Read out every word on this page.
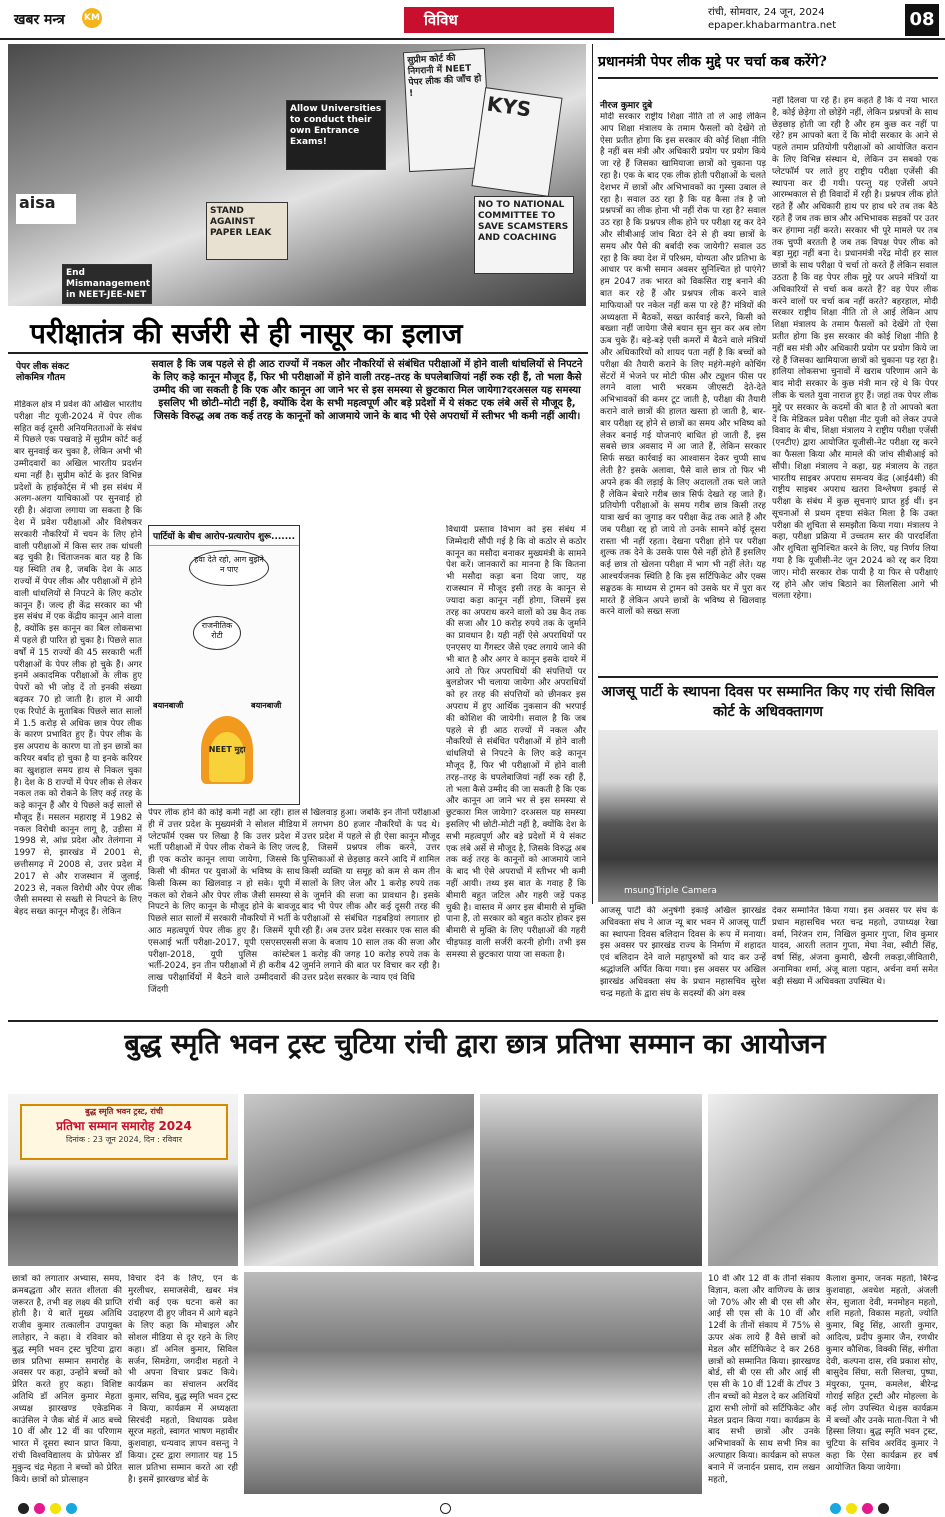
खबर मन्त्र KM	विविध	रांची, सोमवार, 24 जून, 2024
epaper.khabarmantra.net	08
सुप्रीम कोर्ट की निगरानी में NEET पेपर लीक की जाँच हो !	KYS
STAND AGAINST PAPER LEAK
aisa
End Mismanagement in NEET-JEE-NET
NO TO NATIONAL COMMITTEE TO SAVE SCAMSTERS AND COACHING
Allow Universities to conduct their own Entrance Exams!
परीक्षातंत्र की सर्जरी से ही नासूर का इलाज
सवाल है कि जब पहले से ही आठ राज्यों में नकल और नौकरियों से संबंधित परीक्षाओं में होने वाली धांधलियों से निपटने के लिए कड़े कानून मौजूद हैं, फिर भी परीक्षाओं में होने वाली तरह–तरह के घपलेबाजियां नहीं रुक रही हैं, तो भला कैसे उम्मीद की जा सकती है कि एक और कानून आ जाने भर से इस समस्या से छुटकारा मिल जायेगा?दरअसल यह समस्या इसलिए भी छोटी–मोटी नहीं है, क्योंकि देश के सभी महत्वपूर्ण और बड़े प्रदेशों में ये संकट एक लंबे अर्से से मौजूद है, जिसके विरुद्ध अब तक कई तरह के कानूनों को आजमाये जाने के बाद भी ऐसे अपराधों में स्तीभर भी कमी नहीं आयी।
पेपर लीक संकट
लोकमित्र गौतम
मेडिकल क्षेत्र में प्रवेश की अखिल भारतीय परीक्षा नीट यूजी-2024 में पेपर लीक सहित कई दूसरी अनियमितताओं के संबंध में पिछले एक पखवाड़े में सुप्रीम कोर्ट कई बार सुनवाई कर चुका है, लेकिन अभी भी उम्मीदवारों का अखिल भारतीय प्रदर्शन थमा नहीं है। सुप्रीम कोर्ट के इतर विभिन्न प्रदेशों के हाईकोर्ट्स में भी इस संबंध में अलग-अलग याचिकाओं पर सुनवाई हो रही है। अंदाजा लगाया जा सकता है कि देश में प्रवेश परीक्षाओं और विशेषकर सरकारी नौकरियों में चयन के लिए होने वाली परीक्षाओं में किस स्तर तक धांधली बढ़ चुकी है। चिंताजनक बात यह है कि यह स्थिति तब है, जबकि देश के आठ राज्यों में पेपर लीक और परीक्षाओं में होने वाली धांधलियों से निपटने के लिए कठोर कानून हैं। जल्द ही केंद्र सरकार का भी इस संबंध में एक केंद्रीय कानून आने वाला है, क्योंकि इस कानून का बिल लोकसभा में पहले ही पारित हो चुका है। पिछले सात वर्षों में 15 राज्यों की 45 सरकारी भर्ती परीक्षाओं के पेपर लीक हो चुके हैं। अगर इनमें अकादमिक परीक्षाओं के लीक हुए पेपरों को भी जोड़ दें तो इनकी संख्या बढ़कर 70 हो जाती है। हाल में आयी एक रिपोर्ट के मुताबिक पिछले सात सालों में 1.5 करोड़ से अधिक छात्र पेपर लीक के कारण प्रभावित हुए हैं। पेपर लीक के इस अपराध के कारण या तो इन छात्रों का करियर बर्बाद हो चुका है या इनके करियर का खुशहाल समय हाथ से निकल चुका है। देश के 8 राज्यों में पेपर लीक से लेकर नकल तक को रोकने के लिए कई तरह के कड़े कानून हैं और ये पिछले कई सालों से मौजूद हैं। मसलन महाराष्ट्र में 1982 से नकल विरोधी कानून लागू है, उड़ीसा में 1998 से, आंध्र प्रदेश और तेलंगाना में 1997 से, झारखंड में 2001 से, छत्तीसगढ़ में 2008 से, उत्तर प्रदेश में 2017 से और राजस्थान में जुलाई, 2023 से, नकल विरोधी और पेपर लीक जैसी समस्या से सख्ती से निपटने के लिए बेहद सख्त कानून मौजूद हैं। लेकिन
पार्टियों के बीच आरोप-प्रत्यारोप शुरू.......
हवा देते रहो, आग बुझने न पाए
राजनीतिक रोटी
NEET मुद्दा
बयानबाजी	बयानबाजी
पेपर लीक होने की कोई कमी नहीं आ रही। हाल ही में उत्तर प्रदेश के मुख्यमंत्री ने सोशल मीडिया प्लेटफॉर्म एक्स पर लिखा है कि उत्तर प्रदेश में भर्ती परीक्षाओं में पेपर लीक रोकने के लिए जल्द ही एक कठोर कानून लाया जायेगा, जिससे कि किसी भी कीमत पर युवाओं के भविष्य के साथ किसी किस्म का खिलवाड़ न हो सके। यूपी में नकल को रोकने और पेपर लीक जैसी समस्या से निपटने के लिए कानून के मौजूद होने के बावजूद पिछले सात सालों में सरकारी नौकरियों में भर्ती के आठ महत्वपूर्ण पेपर लीक हुए हैं। जिसमें यूपी एसआई भर्ती परीक्षा-2017, यूपी एसएसएससी परीक्षा-2018, यूपी पुलिस कांस्टेबल भर्ती-2024, इन तीन परीक्षाओं में ही करीब 42 लाख परीक्षार्थियों में बैठने वाले उम्मीदवारों की जिंदगी
से खिलवाड़ हुआ। जबकि इन तीनों परीक्षाओं में लगभग 80 हजार नौकरियों के पद थे। उत्तर प्रदेश में पहले से ही ऐसा कानून मौजूद है, जिसमें प्रश्नपत्र लीक करने, उत्तर पुस्तिकाओं से छेड़छाड़ करने आदि में शामिल किसी व्यक्ति या समूह को कम से कम तीन सालों के लिए जेल और 1 करोड़ रुपये तक के जुर्माने की सजा का प्रावधान है। इसके बाद भी पेपर लीक और कई दूसरी तरह की परीक्षाओं से संबंधित गड़बड़ियां लगातार हो रही हैं। अब उत्तर प्रदेश सरकार एक साल की सजा के बजाय 10 साल तक की सजा और 1 करोड़ की जगह 10 करोड़ रुपये तक के जुर्माने लगाने की बात पर विचार कर रही है। उत्तर प्रदेश सरकार के न्याय एवं विधि
विधायी प्रस्ताव विभाग को इस संबंध में जिम्मेदारी सौंपी गई है कि वो कठोर से कठोर कानून का मसौदा बनाकर मुख्यमंत्री के सामने पेश करें। जानकारों का मानना है कि कितना भी मसौदा कड़ा बना दिया जाए, यह राजस्थान में मौजूद इसी तरह के कानून से ज्यादा कड़ा कानून नहीं होगा, जिसमें इस तरह का अपराध करने वालों को उम्र कैद तक की सजा और 10 करोड़ रुपये तक के जुर्माने का प्रावधान है। यही नहीं ऐसे अपराधियों पर एनएसए या गैंगस्टर जैसे एक्ट लगाये जाने की भी बात है और अगर वे कानून इसके दायरे में आये तो फिर अपराधियों की संपत्तियों पर बुलडोजर भी चलाया जायेगा और अपराधियों को हर तरह की संपत्तियों को छीनकर इस अपराध में हुए आर्थिक नुकसान की भरपाई की कोशिश की जायेगी। सवाल है कि जब पहले से ही आठ राज्यों में नकल और नौकरियों से संबंधित परीक्षाओं में होने वाली धांधलियों से निपटने के लिए कड़े कानून मौजूद हैं, फिर भी परीक्षाओं में होने वाली तरह–तरह के घपलेबाजियां नहीं रुक रही हैं, तो भला कैसे उम्मीद की जा सकती है कि एक और कानून आ जाने भर से इस समस्या से छुटकारा मिल जायेगा? दरअसल यह समस्या इसलिए भी छोटी-मोटी नहीं है, क्योंकि देश के सभी महत्वपूर्ण और बड़े प्रदेशों में ये संकट एक लंबे अर्से से मौजूद है, जिसके विरुद्ध अब तक कई तरह के कानूनों को आजमाये जाने के बाद भी ऐसे अपराधों में स्तीभर भी कमी नहीं आयी। तथ्य इस बात के गवाह हैं कि बीमारी बहुत जटिल और गहरी जड़ें पकड़ चुकी है। वास्तव में अगर इस बीमारी से मुक्ति पाना है, तो सरकार को बहुत कठोर होकर इस बीमारी से मुक्ति के लिए परीक्षाओं की गहरी चीड़फाड़ वाली सर्जरी करनी होगी। तभी इस समस्या से छुटकारा पाया जा सकता है।
प्रधानमंत्री पेपर लीक मुद्दे पर चर्चा कब करेंगे?
नीरज कुमार दुबे
मोदी सरकार राष्ट्रीय शिक्षा नीति तो ले आई लेकिन आप शिक्षा मंत्रालय के तमाम फैसलों को देखेंगे तो ऐसा प्रतीत होगा कि इस सरकार की कोई शिक्षा नीति है नहीं बस मंत्री और अधिकारी प्रयोग पर प्रयोग किये जा रहे हैं जिसका खामियाजा छात्रों को चुकाना पड़ रहा है। एक के बाद एक लीक होती परीक्षाओं के चलते देशभर में छात्रों और अभिभावकों का गुस्सा उबाल ले रहा है। सवाल उठ रहा है कि यह कैसा तंत्र है जो प्रश्नपत्रों का लीक होना भी नहीं रोक पा रहा है? सवाल उठ रहा है कि प्रश्नपत्र लीक होने पर परीक्षा रद्द कर देने और सीबीआई जांच बिठा देने से ही क्या छात्रों के समय और पैसे की बर्बादी रुक जायेगी? सवाल उठ रहा है कि क्या देश में परिश्रम, योग्यता और प्रतिभा के आधार पर कभी समान अवसर सुनिश्चित हो पाएंगे? हम 2047 तक भारत को विकसित राष्ट्र बनाने की बात कर रहे हैं और प्रश्नपत्र लीक करने वाले माफियाओं पर नकेल नहीं कस पा रहे हैं? मंत्रियों की अध्यक्षता में बैठकों, सख्त कार्रवाई करने, किसी को बख्शा नहीं जायेगा जैसे बयान सुन सुन कर अब लोग ऊब चुके हैं। बड़े-बड़े एसी कमरों में बैठने वाले मंत्रियों और अधिकारियों को शायद पता नहीं है कि बच्चों को परीक्षा की तैयारी कराने के लिए महंगे-महंगे कोचिंग सेंटरों में भेजने पर मोटी फीस और ट्यूशन फीस पर लगने वाला भारी भरकम जीएसटी देते-देते अभिभावकों की कमर टूट जाती है, परीक्षा की तैयारी कराने वाले छात्रों की हालत खस्ता हो जाती है, बार-बार परीक्षा रद्द होने से छात्रों का समय और भविष्य को लेकर बनाई गई योजनाएं बाधित हो जाती हैं, इस सबसे छात्र अवसाद में आ जाते हैं, लेकिन सरकार सिर्फ सख्त कार्रवाई का आश्वासन देकर चुप्पी साध लेती है? इसके अलावा, पैसे वाले छात्र तो फिर भी अपने हक की लड़ाई के लिए अदालतों तक चले जाते हैं लेकिन बेचारे गरीब छात्र सिर्फ देखते रह जाते हैं। प्रतियोगी परीक्षाओं के समय गरीब छात्र किसी तरह यात्रा खर्च का जुगाड़ कर परीक्षा केंद्र तक आते हैं और जब परीक्षा रद्द हो जाये तो उनके सामने कोई दूसरा रास्ता भी नहीं रहता। देखना परीक्षा होने पर परीक्षा शुल्क तक देने के उसके पास पैसे नहीं होते हैं इसलिए कई छात्र तो खेलना परीक्षा में भाग भी नहीं लेते। यह आश्चर्यजनक स्थिति है कि इस सर्टिफिकेट और एक्स सङ्घठक के माध्यम से ट्रामन को उसके घर में पुरा कर मारते हैं लेकिन अपने छात्रों के भविष्य से खिलवाड़ करने वालों को सख्त सजा
नहीं दिलवा पा रहे हैं। हम कहते हैं कि ये नया भारत है, कोई छेड़ेगा तो छोड़ेंगे नहीं, लेकिन प्रश्नपत्रों के साथ छेड़छाड़ होती जा रही है और हम कुछ कर नहीं पा रहे? हम आपको बता दें कि मोदी सरकार के आने से पहले तमाम प्रतियोगी परीक्षाओं को आयोजित करान के लिए विभिन्न संस्थान थे, लेकिन उन सबको एक प्लेटफॉर्म पर लाते हुए राष्ट्रीय परीक्षा एजेंसी की स्थापना कर दी गयी। परन्तु यह एजेंसी अपने आरम्भकाल से ही विवादों में रही है। प्रश्नपत्र लीक होते रहते हैं और अधिकारी हाथ पर हाथ धरे तब तक बैठे रहते हैं जब तक छात्र और अभिभावक सड़कों पर उतर कर हंगामा नहीं करते। सरकार भी पूरे मामले पर तब तक चुप्पी बरतती है जब तक विपक्ष पेपर लीक को बड़ा मुद्दा नहीं बना दे। प्रधानमंत्री नरेंद्र मोदी हर साल छात्रों के साथ परीक्षा पे चर्चा तो करते हैं लेकिन सवाल उठता है कि वह पेपर लीक मुद्दे पर अपने मंत्रियों या अधिकारियों से चर्चा कब करते हैं? वह पेपर लीक करने वालों पर चर्चा कब नहीं करते? बहरहाल, मोदी सरकार राष्ट्रीय शिक्षा नीति तो ले आई लेकिन आप शिक्षा मंत्रालय के तमाम फैसलों को देखेंगे तो ऐसा प्रतीत होगा कि इस सरकार की कोई शिक्षा नीति है नहीं बस मंत्री और अधिकारी प्रयोग पर प्रयोग किये जा रहे हैं जिसका खामियाजा छात्रों को चुकाना पड़ रहा है। हालिया लोकसभा चुनावों में खराब परिणाम आने के बाद मोदी सरकार के कुछ मंत्री मान रहे थे कि पेपर लीक के चलते युवा नाराज हुए हैं। जहां तक पेपर लीक मुद्दे पर सरकार के कदमों की बात है तो आपको बता दें कि मेडिकल प्रवेश परीक्षा नीट यूजी को लेकर उपजे विवाद के बीच, शिक्षा मंत्रालय ने राष्ट्रीय परीक्षा एजेंसी (एनटीए) द्वारा आयोजित यूजीसी-नेट परीक्षा रद्द करने का फैसला किया और मामले की जांच सीबीआई को सौंपी। शिक्षा मंत्रालय ने कहा, ग्रह मंत्रालय के तहत भारतीय साइबर अपराध समन्वय केंद्र (आई4सी) की राष्ट्रीय साइबर अपराध खतरा विश्लेषण इकाई से परीक्षा के संबंध में कुछ सूचनाएं प्राप्त हुई थीं। इन सूचनाओं से प्रथम दृष्टया संकेत मिला है कि उक्त परीक्षा की शुचिता से समझौता किया गया। मंत्रालय ने कहा, परीक्षा प्रक्रिया में उच्चतम स्तर की पारदर्शिता और शुचिता सुनिश्चित करने के लिए, यह निर्णय लिया गया है कि यूजीसी-नेट जून 2024 को रद्द कर दिया जाए। मोदी सरकार रोक पायी है या फिर से परीक्षाएं रद्द होने और जांच बिठाने का सिलसिला आगे भी चलता रहेगा।
आजसू पार्टी के स्थापना दिवस पर सम्मानित किए गए रांची सिविल कोर्ट के अधिवक्तागण
msungTriple Camera
आजसू पार्टी की अनुषंगी इकाई अखिल झारखंड अधिवक्ता संघ ने आज न्यू बार भवन में आजसू पार्टी का स्थापना दिवस बलिदान दिवस के रूप में मनाया। इस अवसर पर झारखंड राज्य के निर्माण में शहादत एवं बलिदान देने वाले महापुरुषों को याद कर उन्हें श्रद्धांजलि अर्पित किया गया। इस अवसर पर अखिल झारखंड अधिवक्ता संघ के प्रधान महासचिव सुरेश चन्द्र महतो के द्वारा संघ के सदस्यों की अंग वस्त्र
देकर सम्मानित किया गया। इस अवसर पर संघ के प्रधान महासचिव भरत चन्द्र महतो, उपाध्यक्ष रेखा वर्मा, निरंजन राम, निखिल कुमार गुप्ता, शिव कुमार यादव, आरती लतान गुप्ता, मेघा नेवा, स्वीटी सिंह, वर्षा सिंह, अंजना कुमारी, खैरनी लकड़ा,जीवितारी, अनामिका शर्मा, अंजू बाला पहान, अर्चना वर्मा समेत बड़ी संख्या में अधिवक्ता उपस्थित थे।
बुद्ध स्मृति भवन ट्रस्ट चुटिया रांची द्वारा छात्र प्रतिभा सम्मान का आयोजन
बुद्ध स्मृति भवन ट्रस्ट, रांची
प्रतिभा सम्मान समारोह 2024
दिनांक : 23 जून 2024, दिन : रविवार
छात्रों को लगातार अभ्यास, समय, क्रमबद्धता और सतत शीलता की जरूरत है, तभी वह लक्ष्य की प्राप्ति होती है। ये बातें मुख्य अतिथि राजीव कुमार तत्कालीन उपायुक्त लातेहार, ने कहा। वे रविवार को बुद्ध स्मृति भवन ट्रस्ट चुटिया द्वारा छात्र प्रतिभा सम्मान समारोह के अवसर पर कहा, उन्होंने बच्चों को प्रेरित करते हुए कहा। विशिष्ट अतिथि डॉ अनिल कुमार मेहता अध्यक्ष झारखण्ड एकेडमिक काउंसिल ने जैक बोर्ड में आठ बच्चे 10 वीं और 12 वीं का परिणाम भारत में दूसरा स्थान प्राप्त किया, रांची विश्वविद्यालय के प्रोफेसर डॉ मुकुन्द चंद्र मेहता ने बच्चों को प्रेरित किये। छात्रों को प्रोत्साहन
विचार देने के लिए, एन के मुरलीधर, समाजसेवी, खबर मंत्र रांची कई एक घटना कसे का उदाहरण दी हुए जीवन में आगे बढ़ने के लिए कहा कि मोबाइल और सोशल मीडिया से दूर रहने के लिए कहा। डॉ अनिल कुमार, सिविल सर्जन, सिमडेगा, जगदीश महतो ने भी अपना विचार प्रकट किये। कार्यक्रम का संचालन अरविंद कुमार, सचिव, बुद्ध स्मृति भवन ट्रस्ट ने किया, कार्यक्रम में अध्यक्षता सिरचंदी महतो, विधायक प्रवेश सूरज महतो, स्वागत भाषण महावीर कुशवाहा, धन्यवाद ज्ञापन वसन्तु ने किया। ट्रस्ट द्वारा लगातार यह 15 साल प्रतिभा सम्मान करते आ रही है। इसमें झारखण्ड बोर्ड के
10 वीं और 12 वीं के तीनों संकाय विज्ञान, कला और वाणिज्य के छात्र जो 70% और सी बी एस सी और आई सी एस सी के 10 वीं और 12वीं के तीनों संकाय में 75% से ऊपर अंक लाये हैं वैसे छात्रों को मेडल और सर्टिफिकेट दे कर 268 छात्रों को सम्मानित किया। झारखण्ड बोर्ड, सी बी एस सी और आई सी एस सी के 10 वीं 12वीं के टॉपर 3 तीन बच्चों को मेडल दे कर अतिथियों द्वारा सभी लोगों को सर्टिफिकेट और मेडल प्रदान किया गया। कार्यक्रम के बाद सभी छात्रों और उनके अभिभावकों के साथ सभी मित्र का अल्पाहार किया। कार्यक्रम को सफल बनाने में जनार्दन प्रसाद, राम लखन महतो,
कैलाश कुमार, जनक महतो, बिरेन्द्र कुशवाहा, अवधेश महतो, अंजली सेन, सुजाता देवी, मनमोहन महतो, शशि महतो, विकास महतो, ज्योति कुमार, बिट्टू सिंह, आरती कुमार, आदित्य, प्रदीप कुमार जैन, रणधीर कुमार कौशिक, विक्की सिंह, संगीता देवी, कल्पना दास, रवि प्रकाश सोए, बासुदेव सिंघा, सती सिलचा, पुष्पा, मंयुरका, पूनम, कमलेश, बीरेन्द्र गोराई सहित ट्रस्टी और मोहल्ला के कई लोग उपस्थित थे।इस कार्यक्रम में बच्चों और उनके माता-पिता ने भी हिस्सा लिया। बुद्ध स्मृति भवन ट्रस्ट, चुटिया के सचिव अरविंद कुमार ने कहा कि ऐसा कार्यक्रम हर वर्ष आयोजित किया जायेगा।
